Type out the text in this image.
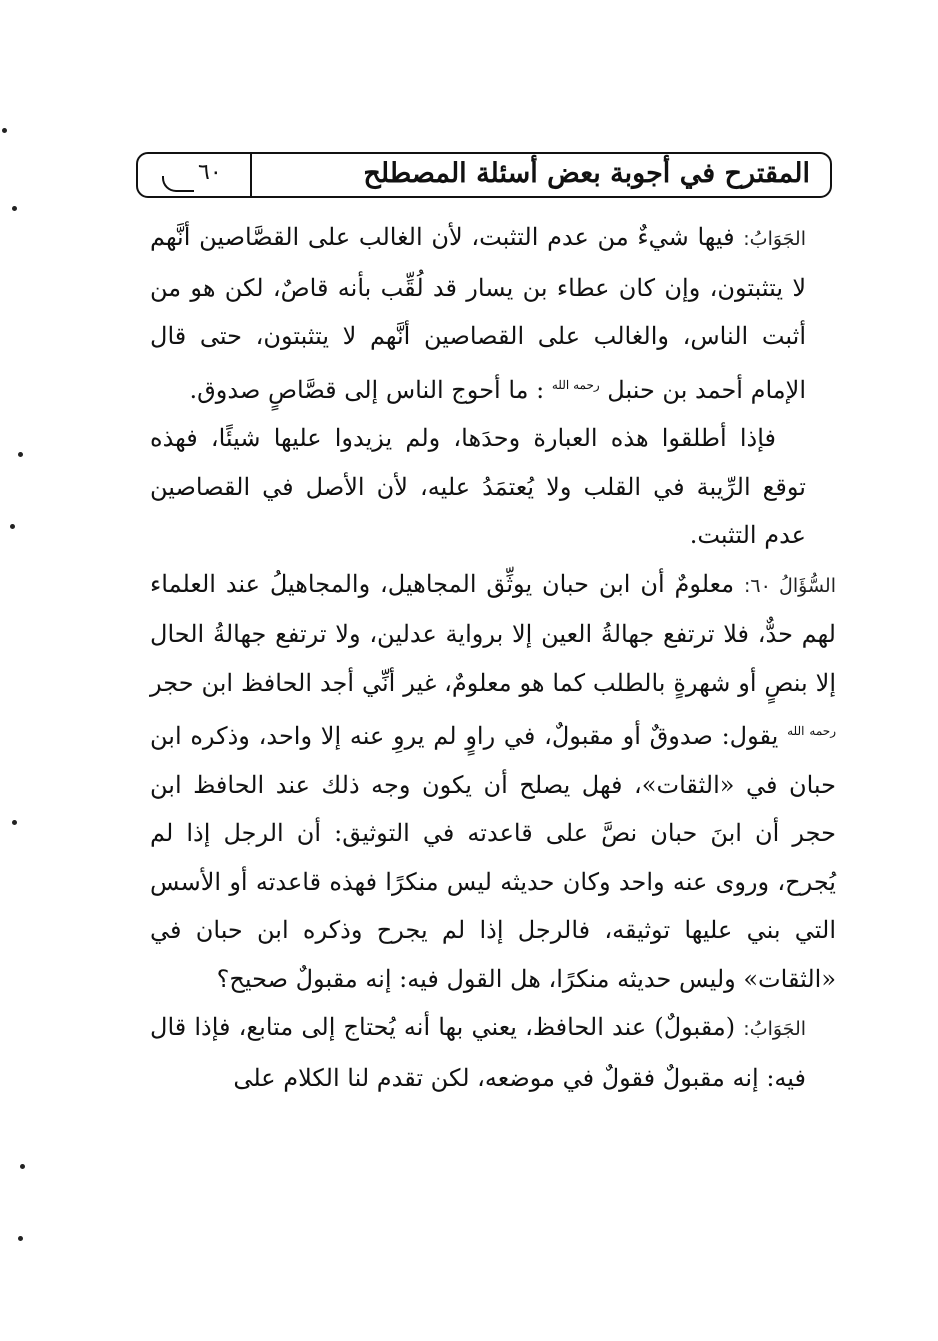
المقترح في أجوبة بعض أسئلة المصطلح
٦٠

الجَوَابُ: فيها شيءٌ من عدم التثبت، لأن الغالب على القصَّاصين أنَّهم لا يتثبتون، وإن كان عطاء بن يسار قد لُقِّب بأنه قاصٌ، لكن هو من أثبت الناس، والغالب على القصاصين أنَّهم لا يتثبتون، حتى قال الإمام أحمد بن حنبل $^{رحمه الله}$ : ما أحوج الناس إلى قصَّاصٍ صدوق.

فإذا أطلقوا هذه العبارة وحدَها، ولم يزيدوا عليها شيئًا، فهذه توقع الرِّيبة في القلب ولا يُعتمَدُ عليه، لأن الأصل في القصاصين عدم التثبت.

السُّؤَالُ ٦٠: معلومٌ أن ابن حبان يوثِّق المجاهيل، والمجاهيلُ عند العلماء لهم حدٌّ، فلا ترتفع جهالةُ العين إلا برواية عدلين، ولا ترتفع جهالةُ الحال إلا بنصٍ أو شهرةٍ بالطلب كما هو معلومٌ، غير أنِّي أجد الحافظ ابن حجر $^{رحمه الله}$ يقول: صدوقٌ أو مقبولٌ، في راوٍ لم يروِ عنه إلا واحد، وذكره ابن حبان في «الثقات»، فهل يصلح أن يكون وجه ذلك عند الحافظ ابن حجر أن ابنَ حبان نصَّ على قاعدته في التوثيق: أن الرجل إذا لم يُجرح، وروى عنه واحد وكان حديثه ليس منكرًا فهذه قاعدته أو الأسس التي بني عليها توثيقه، فالرجل إذا لم يجرح وذكره ابن حبان في «الثقات» وليس حديثه منكرًا، هل القول فيه: إنه مقبولٌ صحيح؟

الجَوَابُ: (مقبولٌ) عند الحافظ، يعني بها أنه يُحتاج إلى متابع، فإذا قال فيه: إنه مقبولٌ فقولٌ في موضعه، لكن تقدم لنا الكلام على
